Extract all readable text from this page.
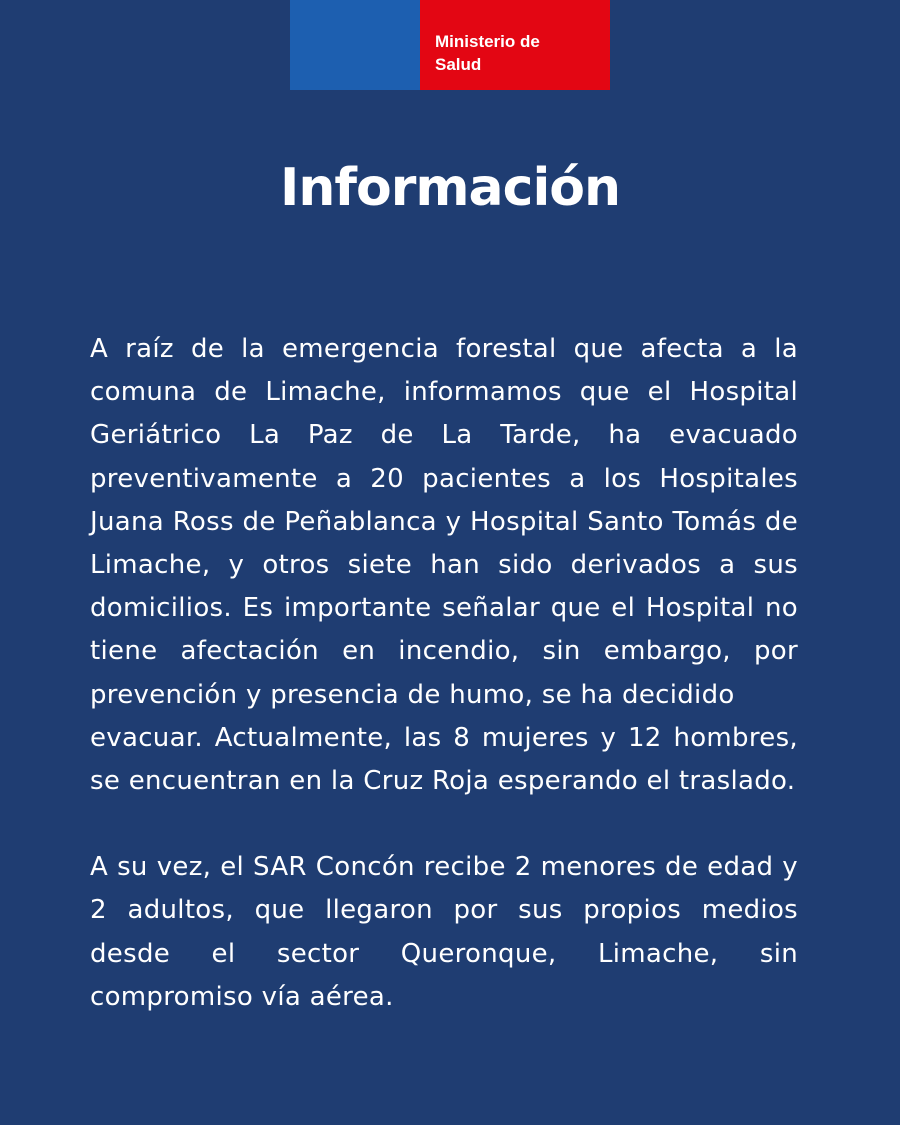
Ministerio de
Salud
Información

A raíz de la emergencia forestal que afecta a la comuna de Limache, informamos que el Hospital Geriátrico La Paz de La Tarde, ha evacuado preventivamente a 20 pacientes a los Hospitales Juana Ross de Peñablanca y Hospital Santo Tomás de Limache, y otros siete han sido derivados a sus domicilios. Es importante señalar que el Hospital no tiene afectación en incendio, sin embargo, por prevención y presencia de humo, se ha decidido
evacuar. Actualmente, las 8 mujeres y 12 hombres, se encuentran en la Cruz Roja esperando el traslado.

A su vez, el SAR Concón recibe 2 menores de edad y 2 adultos, que llegaron por sus propios medios desde el sector Queronque, Limache, sin compromiso vía aérea.
